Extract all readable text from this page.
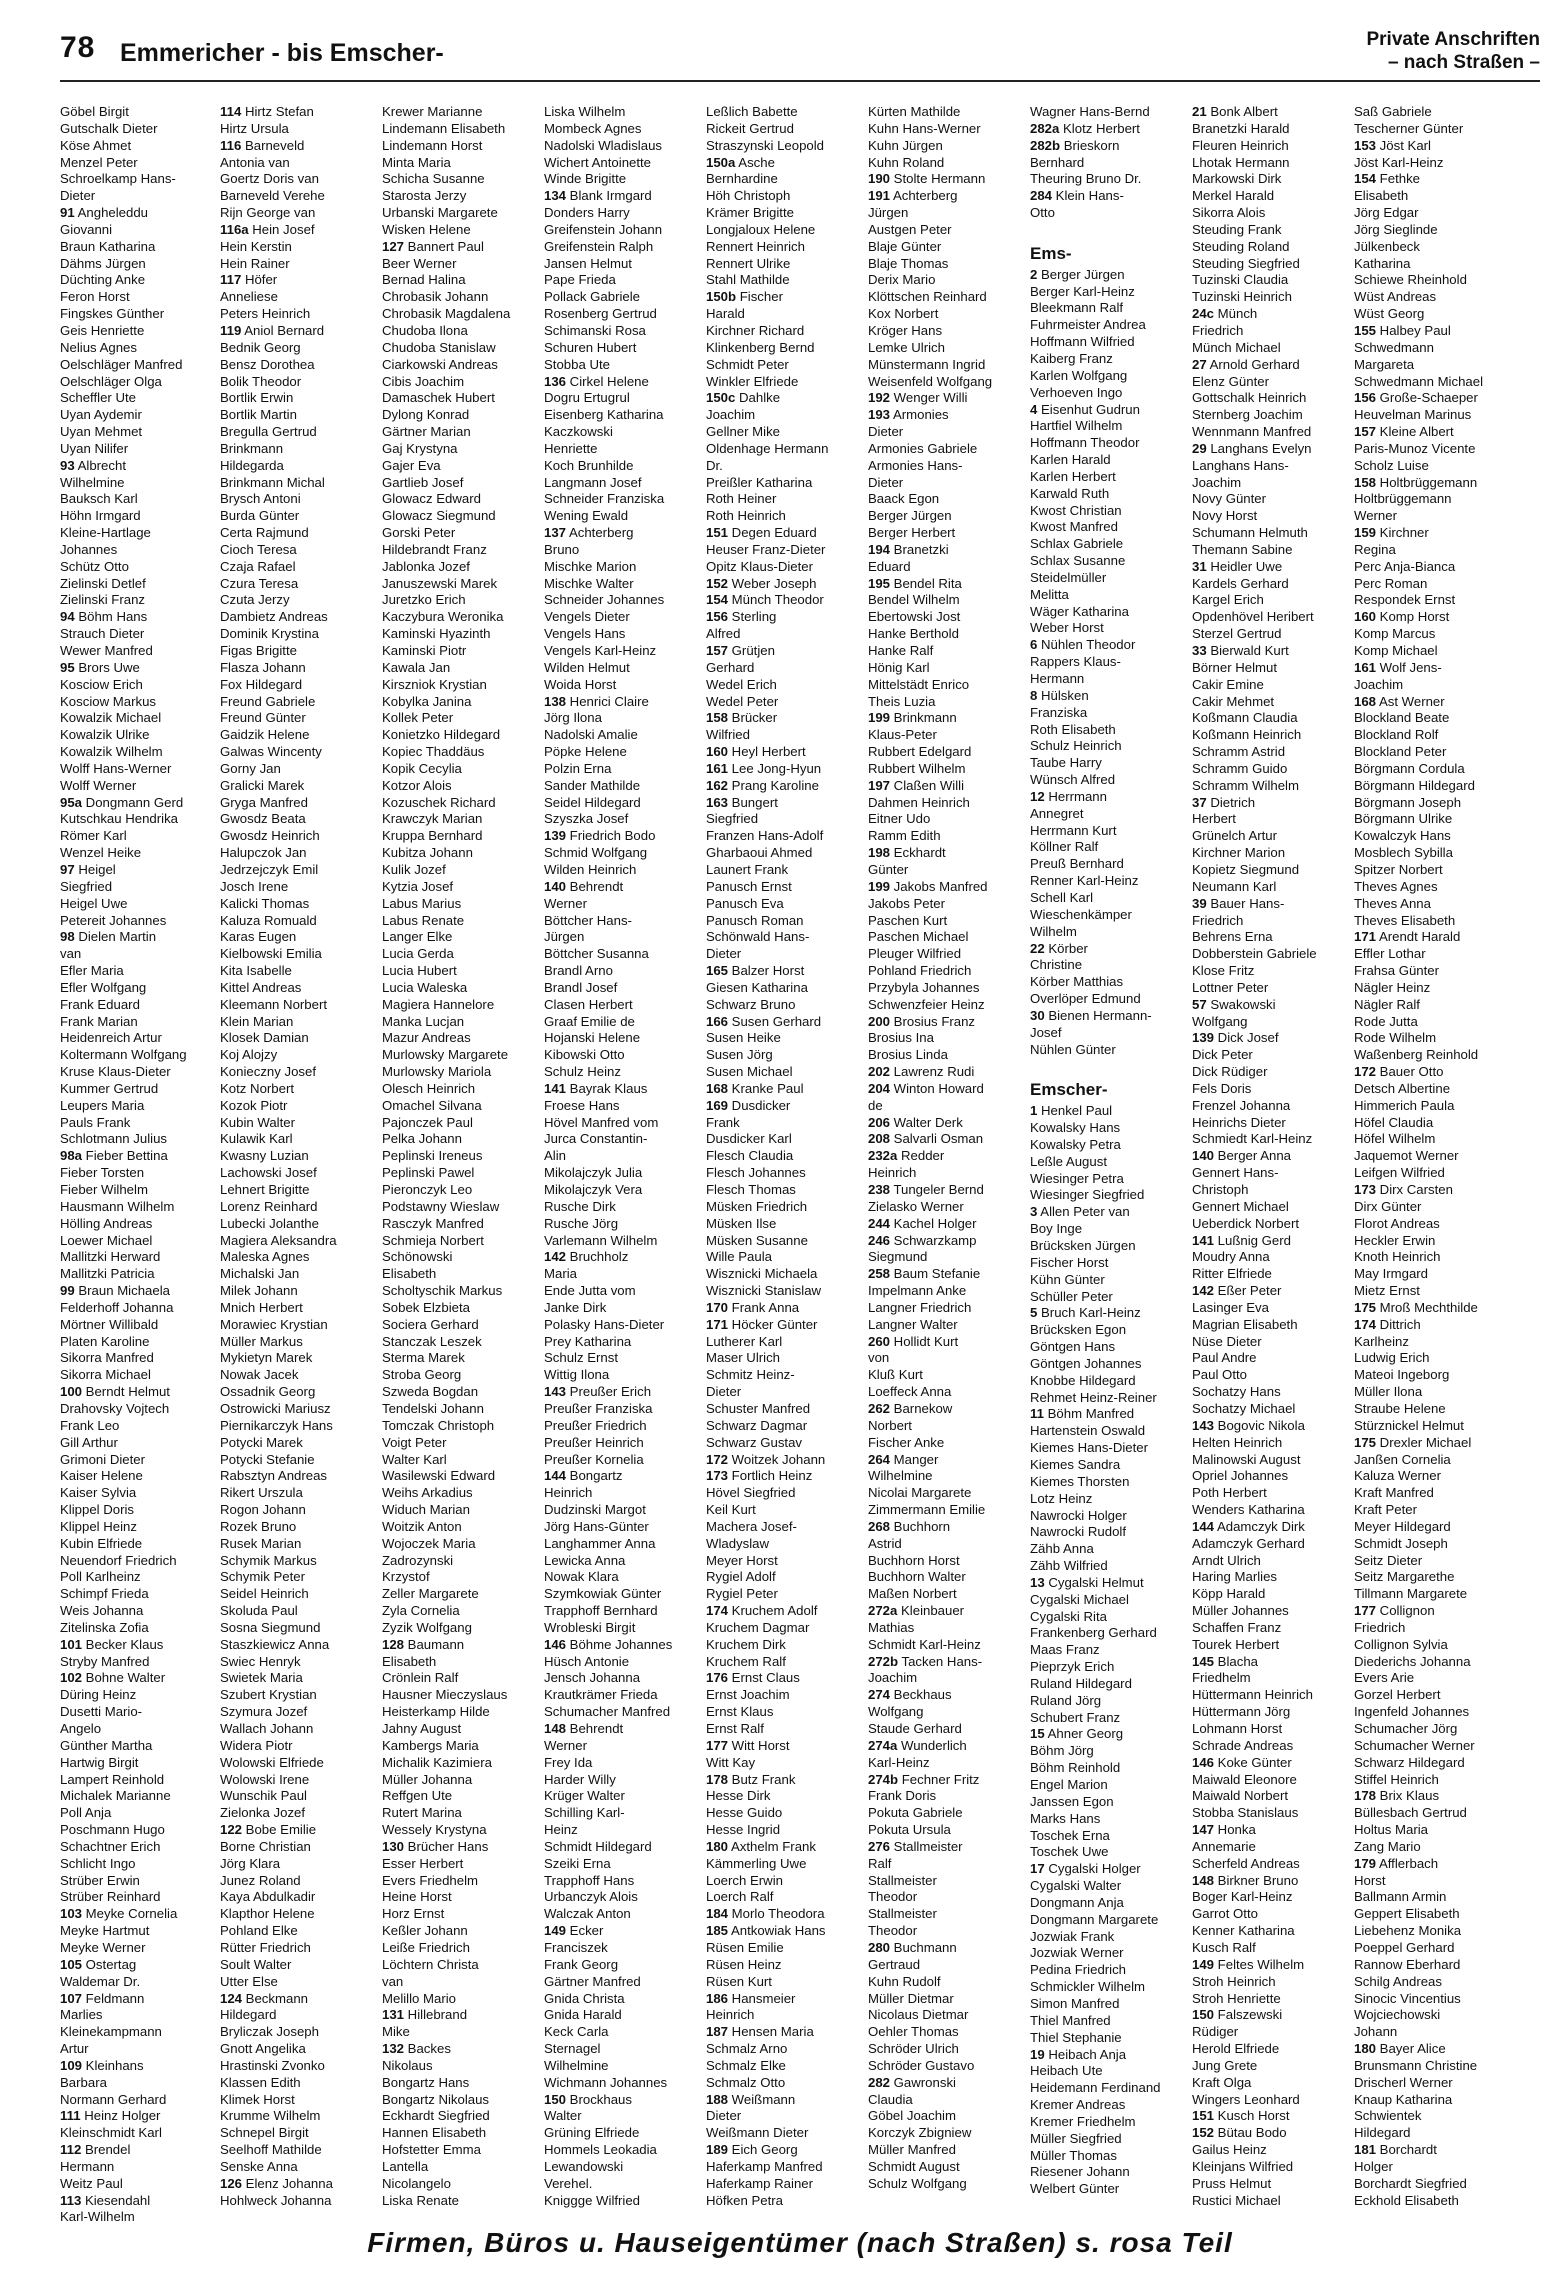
78 Emmericher - bis Emscher-	Private Anschriften
– nach Straßen –
Göbel Birgit
Gutschalk Dieter
Köse Ahmet
Menzel Peter
Schroelkamp Hans-
Dieter
91 Angheleddu
Giovanni
Braun Katharina
Dähms Jürgen
Düchting Anke
Feron Horst
Fingskes Günther
Geis Henriette
Nelius Agnes
Oelschläger Manfred
Oelschläger Olga
Scheffler Ute
Uyan Aydemir
Uyan Mehmet
Uyan Nilifer
93 Albrecht
Wilhelmine
Bauksch Karl
Höhn Irmgard
Kleine-Hartlage
Johannes
Schütz Otto
Zielinski Detlef
Zielinski Franz
94 Böhm Hans
Strauch Dieter
Wewer Manfred
95 Brors Uwe
Kosciow Erich
Kosciow Markus
Kowalzik Michael
Kowalzik Ulrike
Kowalzik Wilhelm
Wolff Hans-Werner
Wolff Werner
95a Dongmann Gerd
Kutschkau Hendrika
Römer Karl
Wenzel Heike
97 Heigel
Siegfried
Heigel Uwe
Petereit Johannes
98 Dielen Martin
van
Efler Maria
Efler Wolfgang
Frank Eduard
Frank Marian
Heidenreich Artur
Koltermann Wolfgang
Kruse Klaus-Dieter
Kummer Gertrud
Leupers Maria
Pauls Frank
Schlotmann Julius
98a Fieber Bettina
Fieber Torsten
Fieber Wilhelm
Hausmann Wilhelm
Hölling Andreas
Loewer Michael
Mallitzki Herward
Mallitzki Patricia
99 Braun Michaela
Felderhoff Johanna
Mörtner Willibald
Platen Karoline
Sikorra Manfred
Sikorra Michael
100 Berndt Helmut
Drahovsky Vojtech
Frank Leo
Gill Arthur
Grimoni Dieter
Kaiser Helene
Kaiser Sylvia
Klippel Doris
Klippel Heinz
Kubin Elfriede
Neuendorf Friedrich
Poll Karlheinz
Schimpf Frieda
Weis Johanna
Zitelinska Zofia
101 Becker Klaus
Stryby Manfred
102 Bohne Walter
Düring Heinz
Dusetti Mario-
Angelo
Günther Martha
Hartwig Birgit
Lampert Reinhold
Michalek Marianne
Poll Anja
Poschmann Hugo
Schachtner Erich
Schlicht Ingo
Strüber Erwin
Strüber Reinhard
103 Meyke Cornelia
Meyke Hartmut
Meyke Werner
105 Ostertag
Waldemar Dr.
107 Feldmann
Marlies
Kleinekampmann
Artur
109 Kleinhans
Barbara
Normann Gerhard
111 Heinz Holger
Kleinschmidt Karl
112 Brendel
Hermann
Weitz Paul
113 Kiesendahl
Karl-Wilhelm
114 Hirtz Stefan
Hirtz Ursula
116 Barneveld
Antonia van
Goertz Doris van
Barneveld Verehe
Rijn George van
116a Hein Josef
Hein Kerstin
Hein Rainer
117 Höfer
Anneliese
Peters Heinrich
119 Aniol Bernard
Bednik Georg
Bensz Dorothea
Bolik Theodor
Bortlik Erwin
Bortlik Martin
Bregulla Gertrud
Brinkmann
Hildegarda
Brinkmann Michal
Brysch Antoni
Burda Günter
Certa Rajmund
Cioch Teresa
Czaja Rafael
Czura Teresa
Czuta Jerzy
Dambietz Andreas
Dominik Krystina
Figas Brigitte
Flasza Johann
Fox Hildegard
Freund Gabriele
Freund Günter
Gaidzik Helene
Galwas Wincenty
Gorny Jan
Gralicki Marek
Gryga Manfred
Gwosdz Beata
Gwosdz Heinrich
Halupczok Jan
Jedrzejczyk Emil
Josch Irene
Kalicki Thomas
Kaluza Romuald
Karas Eugen
Kielbowski Emilia
Kita Isabelle
Kittel Andreas
Kleemann Norbert
Klein Marian
Klosek Damian
Koj Alojzy
Konieczny Josef
Kotz Norbert
Kozok Piotr
Kubin Walter
Kulawik Karl
Kwasny Luzian
Lachowski Josef
Lehnert Brigitte
Lorenz Reinhard
Lubecki Jolanthe
Magiera Aleksandra
Maleska Agnes
Michalski Jan
Milek Johann
Mnich Herbert
Morawiec Krystian
Müller Markus
Mykietyn Marek
Nowak Jacek
Ossadnik Georg
Ostrowicki Mariusz
Piernikarczyk Hans
Potycki Marek
Potycki Stefanie
Rabsztyn Andreas
Rikert Urszula
Rogon Johann
Rozek Bruno
Rusek Marian
Schymik Markus
Schymik Peter
Seidel Heinrich
Skoluda Paul
Sosna Siegmund
Staszkiewicz Anna
Swiec Henryk
Swietek Maria
Szubert Krystian
Szymura Jozef
Wallach Johann
Widera Piotr
Wolowski Elfriede
Wolowski Irene
Wunschik Paul
Zielonka Jozef
122 Bobe Emilie
Borne Christian
Jörg Klara
Junez Roland
Kaya Abdulkadir
Klapthor Helene
Pohland Elke
Rütter Friedrich
Soult Walter
Utter Else
124 Beckmann
Hildegard
Bryliczak Joseph
Gnott Angelika
Hrastinski Zvonko
Klassen Edith
Klimek Horst
Krumme Wilhelm
Schnepel Birgit
Seelhoff Mathilde
Senske Anna
126 Elenz Johanna
Hohlweck Johanna
Krewer Marianne
Lindemann Elisabeth
Lindemann Horst
Minta Maria
Schicha Susanne
Starosta Jerzy
Urbanski Margarete
Wisken Helene
127 Bannert Paul
Beer Werner
Bernad Halina
Chrobasik Johann
Chrobasik Magdalena
Chudoba Ilona
Chudoba Stanislaw
Ciarkowski Andreas
Cibis Joachim
Damaschek Hubert
Dylong Konrad
Gärtner Marian
Gaj Krystyna
Gajer Eva
Gartlieb Josef
Glowacz Edward
Glowacz Siegmund
Gorski Peter
Hildebrandt Franz
Jablonka Jozef
Januszewski Marek
Juretzko Erich
Kaczybura Weronika
Kaminski Hyazinth
Kaminski Piotr
Kawala Jan
Kirszniok Krystian
Kobylka Janina
Kollek Peter
Konietzko Hildegard
Kopiec Thaddäus
Kopik Cecylia
Kotzor Alois
Kozuschek Richard
Krawczyk Marian
Kruppa Bernhard
Kubitza Johann
Kulik Jozef
Kytzia Josef
Labus Marius
Labus Renate
Langer Elke
Lucia Gerda
Lucia Hubert
Lucia Waleska
Magiera Hannelore
Manka Lucjan
Mazur Andreas
Murlowsky Margarete
Murlowsky Mariola
Olesch Heinrich
Omachel Silvana
Pajonczek Paul
Pelka Johann
Peplinski Ireneus
Peplinski Pawel
Pieronczyk Leo
Podstawny Wieslaw
Rasczyk Manfred
Schmieja Norbert
Schönowski
Elisabeth
Scholtyschik Markus
Sobek Elzbieta
Sociera Gerhard
Stanczak Leszek
Sterma Marek
Stroba Georg
Szweda Bogdan
Tendelski Johann
Tomczak Christoph
Voigt Peter
Walter Karl
Wasilewski Edward
Weihs Arkadius
Widuch Marian
Woitzik Anton
Wojoczek Maria
Zadrozynski
Krzystof
Zeller Margarete
Zyla Cornelia
Zyzik Wolfgang
128 Baumann
Elisabeth
Crönlein Ralf
Hausner Mieczyslaus
Heisterkamp Hilde
Jahny August
Kambergs Maria
Michalik Kazimiera
Müller Johanna
Reffgen Ute
Rutert Marina
Wessely Krystyna
130 Brücher Hans
Esser Herbert
Evers Friedhelm
Heine Horst
Horz Ernst
Keßler Johann
Leiße Friedrich
Löchtern Christa
van
Melillo Mario
131 Hillebrand
Mike
132 Backes
Nikolaus
Bongartz Hans
Bongartz Nikolaus
Eckhardt Siegfried
Hannen Elisabeth
Hofstetter Emma
Lantella
Nicolangelo
Liska Renate
Liska Wilhelm
Mombeck Agnes
Nadolski Wladislaus
Wichert Antoinette
Winde Brigitte
134 Blank Irmgard
Donders Harry
Greifenstein Johann
Greifenstein Ralph
Jansen Helmut
Pape Frieda
Pollack Gabriele
Rosenberg Gertrud
Schimanski Rosa
Schuren Hubert
Stobba Ute
136 Cirkel Helene
Dogru Ertugrul
Eisenberg Katharina
Kaczkowski
Henriette
Koch Brunhilde
Langmann Josef
Schneider Franziska
Wening Ewald
137 Achterberg
Bruno
Mischke Marion
Mischke Walter
Schneider Johannes
Vengels Dieter
Vengels Hans
Vengels Karl-Heinz
Wilden Helmut
Woida Horst
138 Henrici Claire
Jörg Ilona
Nadolski Amalie
Pöpke Helene
Polzin Erna
Sander Mathilde
Seidel Hildegard
Szyszka Josef
139 Friedrich Bodo
Schmid Wolfgang
Wilden Heinrich
140 Behrendt
Werner
Böttcher Hans-
Jürgen
Böttcher Susanna
Brandl Arno
Brandl Josef
Clasen Herbert
Graaf Emilie de
Hojanski Helene
Kibowski Otto
Schulz Heinz
141 Bayrak Klaus
Froese Hans
Hövel Manfred vom
Jurca Constantin-
Alin
Mikolajczyk Julia
Mikolajczyk Vera
Rusche Dirk
Rusche Jörg
Varlemann Wilhelm
142 Bruchholz
Maria
Ende Jutta vom
Janke Dirk
Polasky Hans-Dieter
Prey Katharina
Schulz Ernst
Wittig Ilona
143 Preußer Erich
Preußer Franziska
Preußer Friedrich
Preußer Heinrich
Preußer Kornelia
144 Bongartz
Heinrich
Dudzinski Margot
Jörg Hans-Günter
Langhammer Anna
Lewicka Anna
Nowak Klara
Szymkowiak Günter
Trapphoff Bernhard
Wrobleski Birgit
146 Böhme Johannes
Hüsch Antonie
Jensch Johanna
Krautkrämer Frieda
Schumacher Manfred
148 Behrendt
Werner
Frey Ida
Harder Willy
Krüger Walter
Schilling Karl-
Heinz
Schmidt Hildegard
Szeiki Erna
Trapphoff Hans
Urbanczyk Alois
Walczak Anton
149 Ecker
Franciszek
Frank Georg
Gärtner Manfred
Gnida Christa
Gnida Harald
Keck Carla
Sternagel
Wilhelmine
Wichmann Johannes
150 Brockhaus
Walter
Grüning Elfriede
Hommels Leokadia
Lewandowski
Verehel.
Kniggge Wilfried
Leßlich Babette
Rickeit Gertrud
Straszynski Leopold
150a Asche
Bernhardine
Höh Christoph
Krämer Brigitte
Longjaloux Helene
Rennert Heinrich
Rennert Ulrike
Stahl Mathilde
150b Fischer
Harald
Kirchner Richard
Klinkenberg Bernd
Schmidt Peter
Winkler Elfriede
150c Dahlke
Joachim
Gellner Mike
Oldenhage Hermann
Dr.
Preißler Katharina
Roth Heiner
Roth Heinrich
151 Degen Eduard
Heuser Franz-Dieter
Opitz Klaus-Dieter
152 Weber Joseph
154 Münch Theodor
156 Sterling
Alfred
157 Grütjen
Gerhard
Wedel Erich
Wedel Peter
158 Brücker
Wilfried
160 Heyl Herbert
161 Lee Jong-Hyun
162 Prang Karoline
163 Bungert
Siegfried
Franzen Hans-Adolf
Gharbaoui Ahmed
Launert Frank
Panusch Ernst
Panusch Eva
Panusch Roman
Schönwald Hans-
Dieter
165 Balzer Horst
Giesen Katharina
Schwarz Bruno
166 Susen Gerhard
Susen Heike
Susen Jörg
Susen Michael
168 Kranke Paul
169 Dusdicker
Frank
Dusdicker Karl
Flesch Claudia
Flesch Johannes
Flesch Thomas
Müsken Friedrich
Müsken Ilse
Müsken Susanne
Wille Paula
Wisznicki Michaela
Wisznicki Stanislaw
170 Frank Anna
171 Höcker Günter
Lutherer Karl
Maser Ulrich
Schmitz Heinz-
Dieter
Schuster Manfred
Schwarz Dagmar
Schwarz Gustav
172 Woitzek Johann
173 Fortlich Heinz
Hövel Siegfried
Keil Kurt
Machera Josef-
Wladyslaw
Meyer Horst
Rygiel Adolf
Rygiel Peter
174 Kruchem Adolf
Kruchem Dagmar
Kruchem Dirk
Kruchem Ralf
176 Ernst Claus
Ernst Joachim
Ernst Klaus
Ernst Ralf
177 Witt Horst
Witt Kay
178 Butz Frank
Hesse Dirk
Hesse Guido
Hesse Ingrid
180 Axthelm Frank
Kämmerling Uwe
Loerch Erwin
Loerch Ralf
184 Morlo Theodora
185 Antkowiak Hans
Rüsen Emilie
Rüsen Heinz
Rüsen Kurt
186 Hansmeier
Heinrich
187 Hensen Maria
Schmalz Arno
Schmalz Elke
Schmalz Otto
188 Weißmann
Dieter
Weißmann Dieter
189 Eich Georg
Haferkamp Manfred
Haferkamp Rainer
Höfken Petra
Kürten Mathilde
Kuhn Hans-Werner
Kuhn Jürgen
Kuhn Roland
190 Stolte Hermann
191 Achterberg
Jürgen
Austgen Peter
Blaje Günter
Blaje Thomas
Derix Mario
Klöttschen Reinhard
Kox Norbert
Kröger Hans
Lemke Ulrich
Münstermann Ingrid
Weisenfeld Wolfgang
192 Wenger Willi
193 Armonies
Dieter
Armonies Gabriele
Armonies Hans-
Dieter
Baack Egon
Berger Jürgen
Berger Herbert
194 Branetzki
Eduard
195 Bendel Rita
Bendel Wilhelm
Ebertowski Jost
Hanke Berthold
Hanke Ralf
Hönig Karl
Mittelstädt Enrico
Theis Luzia
199 Brinkmann
Klaus-Peter
Rubbert Edelgard
Rubbert Wilhelm
197 Claßen Willi
Dahmen Heinrich
Eitner Udo
Ramm Edith
198 Eckhardt
Günter
199 Jakobs Manfred
Jakobs Peter
Paschen Kurt
Paschen Michael
Pleuger Wilfried
Pohland Friedrich
Przybyla Johannes
Schwenzfeier Heinz
200 Brosius Franz
Brosius Ina
Brosius Linda
202 Lawrenz Rudi
204 Winton Howard
de
206 Walter Derk
208 Salvarli Osman
232a Redder
Heinrich
238 Tungeler Bernd
Zielasko Werner
244 Kachel Holger
246 Schwarzkamp
Siegmund
258 Baum Stefanie
Impelmann Anke
Langner Friedrich
Langner Walter
260 Hollidt Kurt
von
Kluß Kurt
Loeffeck Anna
262 Barnekow
Norbert
Fischer Anke
264 Manger
Wilhelmine
Nicolai Margarete
Zimmermann Emilie
268 Buchhorn
Astrid
Buchhorn Horst
Buchhorn Walter
Maßen Norbert
272a Kleinbauer
Mathias
Schmidt Karl-Heinz
272b Tacken Hans-
Joachim
274 Beckhaus
Wolfgang
Staude Gerhard
274a Wunderlich
Karl-Heinz
274b Fechner Fritz
Frank Doris
Pokuta Gabriele
Pokuta Ursula
276 Stallmeister
Ralf
Stallmeister
Theodor
Stallmeister
Theodor
280 Buchmann
Gertraud
Kuhn Rudolf
Müller Dietmar
Nicolaus Dietmar
Oehler Thomas
Schröder Ulrich
Schröder Gustavo
282 Gawronski
Claudia
Göbel Joachim
Korczyk Zbigniew
Müller Manfred
Schmidt August
Schulz Wolfgang
Wagner Hans-Bernd
282a Klotz Herbert
282b Brieskorn
Bernhard
Theuring Bruno Dr.
284 Klein Hans-
Otto
Ems-
2 Berger Jürgen
Berger Karl-Heinz
Bleekmann Ralf
Fuhrmeister Andrea
Hoffmann Wilfried
Kaiberg Franz
Karlen Wolfgang
Verhoeven Ingo
4 Eisenhut Gudrun
Hartfiel Wilhelm
Hoffmann Theodor
Karlen Harald
Karlen Herbert
Karwald Ruth
Kwost Christian
Kwost Manfred
Schlax Gabriele
Schlax Susanne
Steidelmüller
Melitta
Wäger Katharina
Weber Horst
6 Nühlen Theodor
Rappers Klaus-
Hermann
8 Hülsken
Franziska
Roth Elisabeth
Schulz Heinrich
Taube Harry
Wünsch Alfred
12 Herrmann
Annegret
Herrmann Kurt
Köllner Ralf
Preuß Bernhard
Renner Karl-Heinz
Schell Karl
Wieschenkämper
Wilhelm
22 Körber
Christine
Körber Matthias
Overlöper Edmund
30 Bienen Hermann-
Josef
Nühlen Günter
Emscher-
1 Henkel Paul
Kowalsky Hans
Kowalsky Petra
Leßle August
Wiesinger Petra
Wiesinger Siegfried
3 Allen Peter van
Boy Inge
Brücksken Jürgen
Fischer Horst
Kühn Günter
Schüller Peter
5 Bruch Karl-Heinz
Brücksken Egon
Göntgen Hans
Göntgen Johannes
Knobbe Hildegard
Rehmet Heinz-Reiner
11 Böhm Manfred
Hartenstein Oswald
Kiemes Hans-Dieter
Kiemes Sandra
Kiemes Thorsten
Lotz Heinz
Nawrocki Holger
Nawrocki Rudolf
Zähb Anna
Zähb Wilfried
13 Cygalski Helmut
Cygalski Michael
Cygalski Rita
Frankenberg Gerhard
Maas Franz
Pieprzyk Erich
Ruland Hildegard
Ruland Jörg
Schubert Franz
15 Ahner Georg
Böhm Jörg
Böhm Reinhold
Engel Marion
Janssen Egon
Marks Hans
Toschek Erna
Toschek Uwe
17 Cygalski Holger
Cygalski Walter
Dongmann Anja
Dongmann Margarete
Jozwiak Frank
Jozwiak Werner
Pedina Friedrich
Schmickler Wilhelm
Simon Manfred
Thiel Manfred
Thiel Stephanie
19 Heibach Anja
Heibach Ute
Heidemann Ferdinand
Kremer Andreas
Kremer Friedhelm
Müller Siegfried
Müller Thomas
Riesener Johann
Welbert Günter
21 Bonk Albert
Branetzki Harald
Fleuren Heinrich
Lhotak Hermann
Markowski Dirk
Merkel Harald
Sikorra Alois
Steuding Frank
Steuding Roland
Steuding Siegfried
Tuzinski Claudia
Tuzinski Heinrich
24c Münch
Friedrich
Münch Michael
27 Arnold Gerhard
Elenz Günter
Gottschalk Heinrich
Sternberg Joachim
Wennmann Manfred
29 Langhans Evelyn
Langhans Hans-
Joachim
Novy Günter
Novy Horst
Schumann Helmuth
Themann Sabine
31 Heidler Uwe
Kardels Gerhard
Kargel Erich
Opdenhövel Heribert
Sterzel Gertrud
33 Bierwald Kurt
Börner Helmut
Cakir Emine
Cakir Mehmet
Koßmann Claudia
Koßmann Heinrich
Schramm Astrid
Schramm Guido
Schramm Wilhelm
37 Dietrich
Herbert
Grünelch Artur
Kirchner Marion
Kopietz Siegmund
Neumann Karl
39 Bauer Hans-
Friedrich
Behrens Erna
Dobberstein Gabriele
Klose Fritz
Lottner Peter
57 Swakowski
Wolfgang
139 Dick Josef
Dick Peter
Dick Rüdiger
Fels Doris
Frenzel Johanna
Heinrichs Dieter
Schmiedt Karl-Heinz
140 Berger Anna
Gennert Hans-
Christoph
Gennert Michael
Ueberdick Norbert
141 Lußnig Gerd
Moudry Anna
Ritter Elfriede
142 Eßer Peter
Lasinger Eva
Magrian Elisabeth
Nüse Dieter
Paul Andre
Paul Otto
Sochatzy Hans
Sochatzy Michael
143 Bogovic Nikola
Helten Heinrich
Malinowski August
Opriel Johannes
Poth Herbert
Wenders Katharina
144 Adamczyk Dirk
Adamczyk Gerhard
Arndt Ulrich
Haring Marlies
Köpp Harald
Müller Johannes
Schaffen Franz
Tourek Herbert
145 Blacha
Friedhelm
Hüttermann Heinrich
Hüttermann Jörg
Lohmann Horst
Schrade Andreas
146 Koke Günter
Maiwald Eleonore
Maiwald Norbert
Stobba Stanislaus
147 Honka
Annemarie
Scherfeld Andreas
148 Birkner Bruno
Boger Karl-Heinz
Garrot Otto
Kenner Katharina
Kusch Ralf
149 Feltes Wilhelm
Stroh Heinrich
Stroh Henriette
150 Falszewski
Rüdiger
Herold Elfriede
Jung Grete
Kraft Olga
Wingers Leonhard
151 Kusch Horst
152 Bütau Bodo
Gailus Heinz
Kleinjans Wilfried
Pruss Helmut
Rustici Michael
Saß Gabriele
Tescherner Günter
153 Jöst Karl
Jöst Karl-Heinz
154 Fethke
Elisabeth
Jörg Edgar
Jörg Sieglinde
Jülkenbeck
Katharina
Schiewe Rheinhold
Wüst Andreas
Wüst Georg
155 Halbey Paul
Schwedmann
Margareta
Schwedmann Michael
156 Große-Schaeper
Heuvelman Marinus
157 Kleine Albert
Paris-Munoz Vicente
Scholz Luise
158 Holtbrüggemann
Holtbrüggemann
Werner
159 Kirchner
Regina
Perc Anja-Bianca
Perc Roman
Respondek Ernst
160 Komp Horst
Komp Marcus
Komp Michael
161 Wolf Jens-
Joachim
168 Ast Werner
Blockland Beate
Blockland Rolf
Blockland Peter
Börgmann Cordula
Börgmann Hildegard
Börgmann Joseph
Börgmann Ulrike
Kowalczyk Hans
Mosblech Sybilla
Spitzer Norbert
Theves Agnes
Theves Anna
Theves Elisabeth
171 Arendt Harald
Effler Lothar
Frahsa Günter
Nägler Heinz
Nägler Ralf
Rode Jutta
Rode Wilhelm
Waßenberg Reinhold
172 Bauer Otto
Detsch Albertine
Himmerich Paula
Höfel Claudia
Höfel Wilhelm
Jaquemot Werner
Leifgen Wilfried
173 Dirx Carsten
Dirx Günter
Florot Andreas
Heckler Erwin
Knoth Heinrich
May Irmgard
Mietz Ernst
175 Mroß Mechthilde
174 Dittrich
Karlheinz
Ludwig Erich
Mateoi Ingeborg
Müller Ilona
Straube Helene
Stürznickel Helmut
175 Drexler Michael
Janßen Cornelia
Kaluza Werner
Kraft Manfred
Kraft Peter
Meyer Hildegard
Schmidt Joseph
Seitz Dieter
Seitz Margarethe
Tillmann Margarete
177 Collignon
Friedrich
Collignon Sylvia
Diederichs Johanna
Evers Arie
Gorzel Herbert
Ingenfeld Johannes
Schumacher Jörg
Schumacher Werner
Schwarz Hildegard
Stiffel Heinrich
178 Brix Klaus
Büllesbach Gertrud
Holtus Maria
Zang Mario
179 Afflerbach
Horst
Ballmann Armin
Geppert Elisabeth
Liebehenz Monika
Poeppel Gerhard
Rannow Eberhard
Schilg Andreas
Sinocic Vincentius
Wojciechowski
Johann
180 Bayer Alice
Brunsmann Christine
Drischerl Werner
Knaup Katharina
Schwientek
Hildegard
181 Borchardt
Holger
Borchardt Siegfried
Eckhold Elisabeth
Firmen, Büros u. Hauseigentümer (nach Straßen) s. rosa Teil
